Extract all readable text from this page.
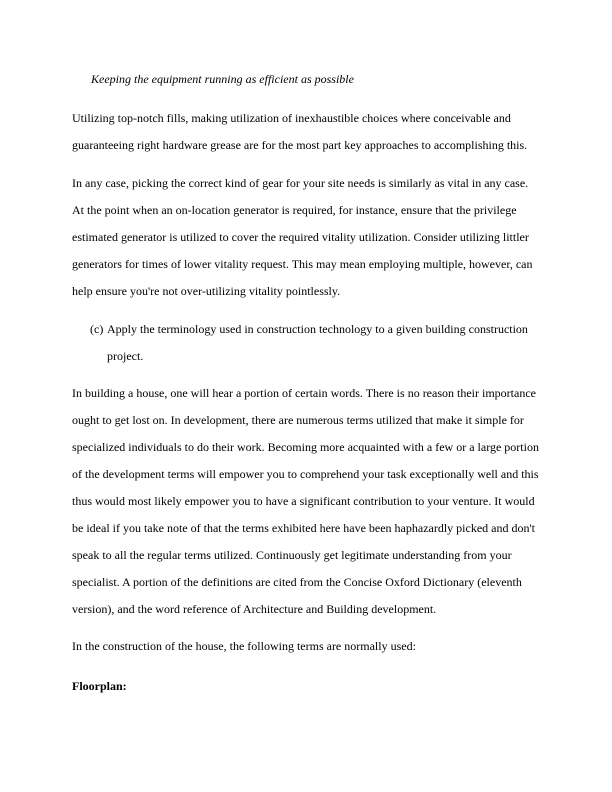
Keeping the equipment running as efficient as possible

Utilizing top-notch fills, making utilization of inexhaustible choices where conceivable and guaranteeing right hardware grease are for the most part key approaches to accomplishing this.

In any case, picking the correct kind of gear for your site needs is similarly as vital in any case. At the point when an on-location generator is required, for instance, ensure that the privilege estimated generator is utilized to cover the required vitality utilization. Consider utilizing littler generators for times of lower vitality request. This may mean employing multiple, however, can help ensure you're not over-utilizing vitality pointlessly.

(c) Apply the terminology used in construction technology to a given building construction project.

In building a house, one will hear a portion of certain words. There is no reason their importance ought to get lost on. In development, there are numerous terms utilized that make it simple for specialized individuals to do their work. Becoming more acquainted with a few or a large portion of the development terms will empower you to comprehend your task exceptionally well and this thus would most likely empower you to have a significant contribution to your venture. It would be ideal if you take note of that the terms exhibited here have been haphazardly picked and don't speak to all the regular terms utilized. Continuously get legitimate understanding from your specialist. A portion of the definitions are cited from the Concise Oxford Dictionary (eleventh version), and the word reference of Architecture and Building development.

In the construction of the house, the following terms are normally used:

Floorplan:
